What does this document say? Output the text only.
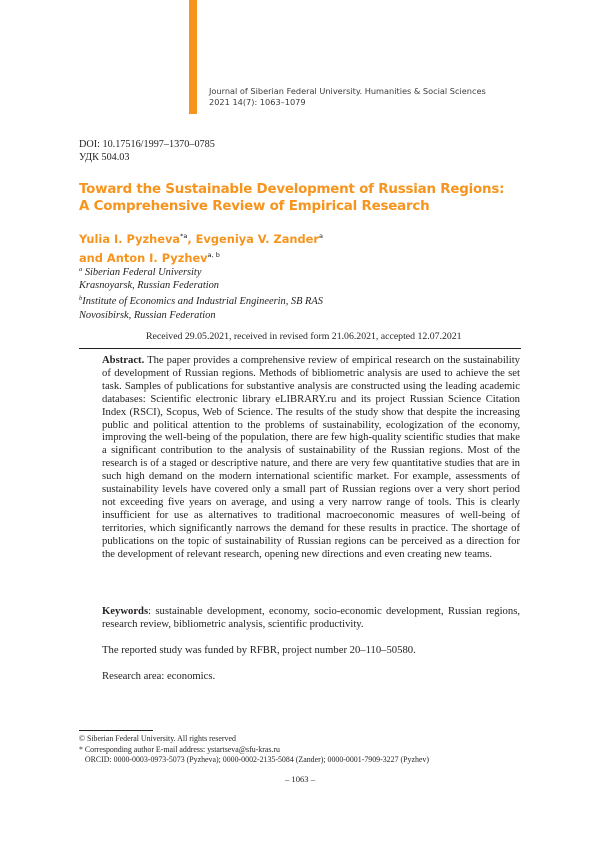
Journal of Siberian Federal University. Humanities & Social Sciences
2021 14(7): 1063–1079
DOI: 10.17516/1997–1370–0785
УДК 504.03
Toward the Sustainable Development of Russian Regions:
A Comprehensive Review of Empirical Research
Yulia I. Pyzheva$^{*a}$, Evgeniya V. Zander$^a$
and Anton I. Pyzhev$^{a, b}$
$^a$ Siberian Federal University
Krasnoyarsk, Russian Federation
$^b$Institute of Economics and Industrial Engineerin, SB RAS
Novosibirsk, Russian Federation
Received 29.05.2021, received in revised form 21.06.2021, accepted 12.07.2021
Abstract. The paper provides a comprehensive review of empirical research on the sustainability of development of Russian regions. Methods of bibliometric analysis are used to achieve the set task. Samples of publications for substantive analysis are constructed using the leading academic databases: Scientific electronic library eLIBRARY.ru and its project Russian Science Citation Index (RSCI), Scopus, Web of Science. The results of the study show that despite the increasing public and political attention to the problems of sustainability, ecologization of the economy, improving the well-being of the population, there are few high-quality scientific studies that make a significant contribution to the analysis of sustainability of the Russian regions. Most of the research is of a staged or descriptive nature, and there are very few quantitative studies that are in such high demand on the modern international scientific market. For example, assessments of sustainability levels have covered only a small part of Russian regions over a very short period not exceeding five years on average, and using a very narrow range of tools. This is clearly insufficient for use as alternatives to traditional macroeconomic measures of well-being of territories, which significantly narrows the demand for these results in practice. The shortage of publications on the topic of sustainability of Russian regions can be perceived as a direction for the development of relevant research, opening new directions and even creating new teams.
Keywords: sustainable development, economy, socio-economic development, Russian regions, research review, bibliometric analysis, scientific productivity.
The reported study was funded by RFBR, project number 20–110–50580.
Research area: economics.
© Siberian Federal University. All rights reserved
* Corresponding author E-mail address: ystartseva@sfu-kras.ru
ORCID: 0000-0003-0973-5073 (Pyzheva); 0000-0002-2135-5084 (Zander); 0000-0001-7909-3227 (Pyzhev)
– 1063 –
